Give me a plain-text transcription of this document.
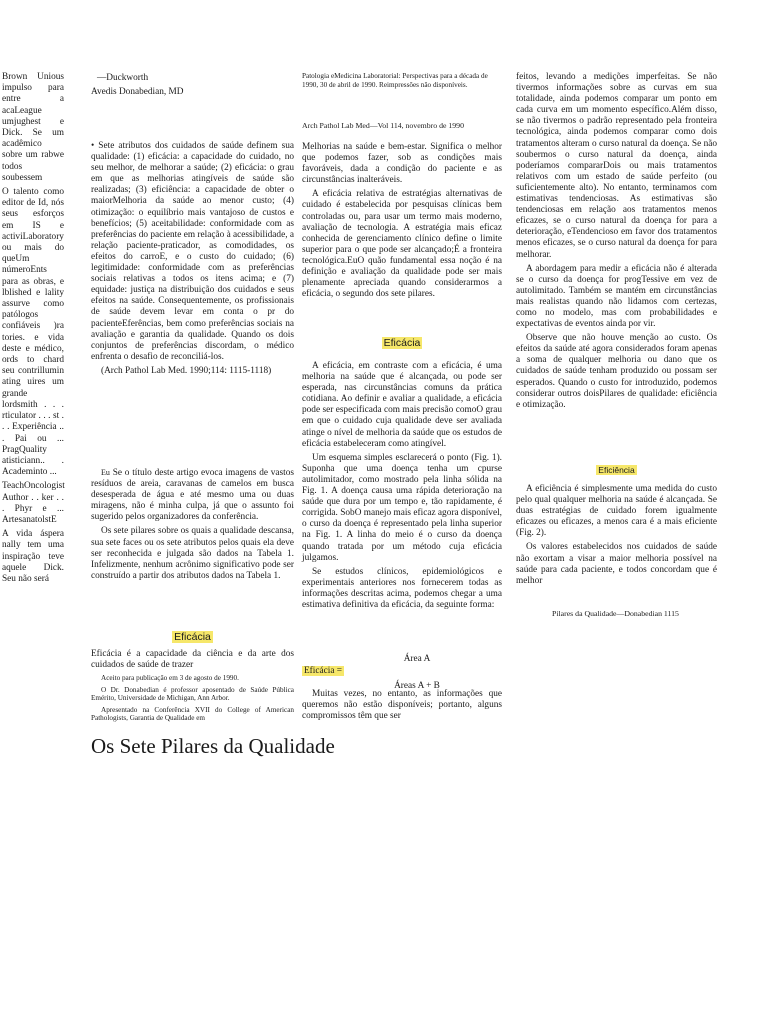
Brown Unious impulso para entre a acaLeague umjughest e Dick. Se um acadêmico sobre um rabwe todos soubessem

O talento como editor de Id, nós seus esforços em IS e activiLaboratory ou mais do queUm númeroEnts para as obras, e lblished e lality assurve como patólogos confiáveis )ra tories. e vida deste e médico, ords to chard seu contrillumin ating uires um grande lordsmith . . . rticulator . . . st . . . Experiência .. . Pai ou ... PragQuality atisticiann.. . Academinto ...

TeachOncologist Author . . ker . . . Phyr e ... ArtesanatolstE

A vida áspera nally tem uma inspiração teve aquele Dick. Seu não será

—Duckworth
Avedis Donabedian, MD

• Sete atributos dos cuidados de saúde definem sua qualidade: (1) eficácia: a capacidade do cuidado, no seu melhor, de melhorar a saúde; (2) eficácia: o grau em que as melhorias atingíveis de saúde são realizadas; (3) eficiência: a capacidade de obter o maiorMelhoria da saúde ao menor custo; (4) otimização: o equilíbrio mais vantajoso de custos e benefícios; (5) aceitabilidade: conformidade com as preferências do paciente em relação à acessibilidade, a relação paciente-praticador, as comodidades, os efeitos do carroE, e o custo do cuidado; (6) legitimidade: conformidade com as preferências sociais relativas a todos os itens acima; e (7) equidade: justiça na distribuição dos cuidados e seus efeitos na saúde. Consequentemente, os profissionais de saúde devem levar em conta o pr do pacienteEferências, bem como preferências sociais na avaliação e garantia da qualidade. Quando os dois conjuntos de preferências discordam, o médico enfrenta o desafio de reconciliá-los.

(Arch Pathol Lab Med. 1990;114: 1115-1118)

Eu Se o título deste artigo evoca imagens de vastos resíduos de areia, caravanas de camelos em busca desesperada de água e até mesmo uma ou duas miragens, não é minha culpa, já que o assunto foi sugerido pelos organizadores da conferência.

Os sete pilares sobre os quais a qualidade descansa, sua sete faces ou os sete atributos pelos quais ela deve ser reconhecida e julgada são dados na Tabela 1. Infelizmente, nenhum acrônimo significativo pode ser construído a partir dos atributos dados na Tabela 1.

Eficácia
Eficácia é a capacidade da ciência e da arte dos cuidados de saúde de trazer

Aceito para publicação em 3 de agosto de 1990.

O Dr. Donabedian é professor aposentado de Saúde Pública Emérito, Universidade de Michigan, Ann Arbor.

Apresentado na Conferência XVII do College of American Pathologists, Garantia de Qualidade em

Os Sete Pilares da Qualidade
Patologia eMedicina Laboratorial: Perspectivas para a década de 1990, 30 de abril de 1990. Reimpressões não disponíveis.
Arch Pathol Lab Med—Vol 114, novembro de 1990

Melhorias na saúde e bem-estar. Significa o melhor que podemos fazer, sob as condições mais favoráveis, dada a condição do paciente e as circunstâncias inalteráveis.

A eficácia relativa de estratégias alternativas de cuidado é estabelecida por pesquisas clínicas bem controladas ou, para usar um termo mais moderno, avaliação de tecnologia. A estratégia mais eficaz conhecida de gerenciamento clínico define o limite superior para o que pode ser alcançado;É a fronteira tecnológica.EuO quão fundamental essa noção é na definição e avaliação da qualidade pode ser mais plenamente apreciada quando considerarmos a eficácia, o segundo dos sete pilares.

Eficácia

A eficácia, em contraste com a eficácia, é uma melhoria na saúde que é alcançada, ou pode ser esperada, nas circunstâncias comuns da prática cotidiana. Ao definir e avaliar a qualidade, a eficácia pode ser especificada com mais precisão comoO grau em que o cuidado cuja qualidade deve ser avaliada atinge o nível de melhoria da saúde que os estudos de eficácia estabeleceram como atingível.

Um esquema simples esclarecerá o ponto (Fig. 1). Suponha que uma doença tenha um cpurse autolimitador, como mostrado pela linha sólida na Fig. 1. A doença causa uma rápida deterioração na saúde que dura por um tempo e, tão rapidamente, é corrigida. SobO manejo mais eficaz agora disponível, o curso da doença é representado pela linha superior na Fig. 1. A linha do meio é o curso da doença quando tratada por um método cuja eficácia julgamos.

Se estudos clínicos, epidemiológicos e experimentais anteriores nos fornecerem todas as informações descritas acima, podemos chegar a uma estimativa definitiva da eficácia, da seguinte forma:

Área A
Eficácia =
Áreas A + B
Muitas vezes, no entanto, as informações que queremos não estão disponíveis; portanto, alguns compromissos têm que ser

feitos, levando a medições imperfeitas. Se não tivermos informações sobre as curvas em sua totalidade, ainda podemos comparar um ponto em cada curva em um momento específico.Além disso, se não tivermos o padrão representado pela fronteira tecnológica, ainda podemos comparar como dois tratamentos alteram o curso natural da doença. Se não soubermos o curso natural da doença, ainda poderíamos compararDois ou mais tratamentos relativos com um estado de saúde perfeito (ou suficientemente alto). No entanto, terminamos com estimativas tendenciosas. As estimativas são tendenciosas em relação aos tratamentos menos eficazes, se o curso natural da doença for para a deterioração, eTendencioso em favor dos tratamentos menos eficazes, se o curso natural da doença for para melhorar.

A abordagem para medir a eficácia não é alterada se o curso da doença for progTessive em vez de autolimitado. Também se mantém em circunstâncias mais realistas quando não lidamos com certezas, como no modelo, mas com probabilidades e expectativas de eventos ainda por vir.

Observe que não houve menção ao custo. Os efeitos da saúde até agora considerados foram apenas a soma de qualquer melhoria ou dano que os cuidados de saúde tenham produzido ou possam ser esperados. Quando o custo for introduzido, podemos considerar outros doisPilares de qualidade: eficiência e otimização.

Eficiência

A eficiência é simplesmente uma medida do custo pelo qual qualquer melhoria na saúde é alcançada. Se duas estratégias de cuidado forem igualmente eficazes ou eficazes, a menos cara é a mais eficiente (Fig. 2).

Os valores estabelecidos nos cuidados de saúde não exortam a visar a maior melhoria possível na saúde para cada paciente, e todos concordam que é melhor

Pilares da Qualidade—Donabedian 1115
